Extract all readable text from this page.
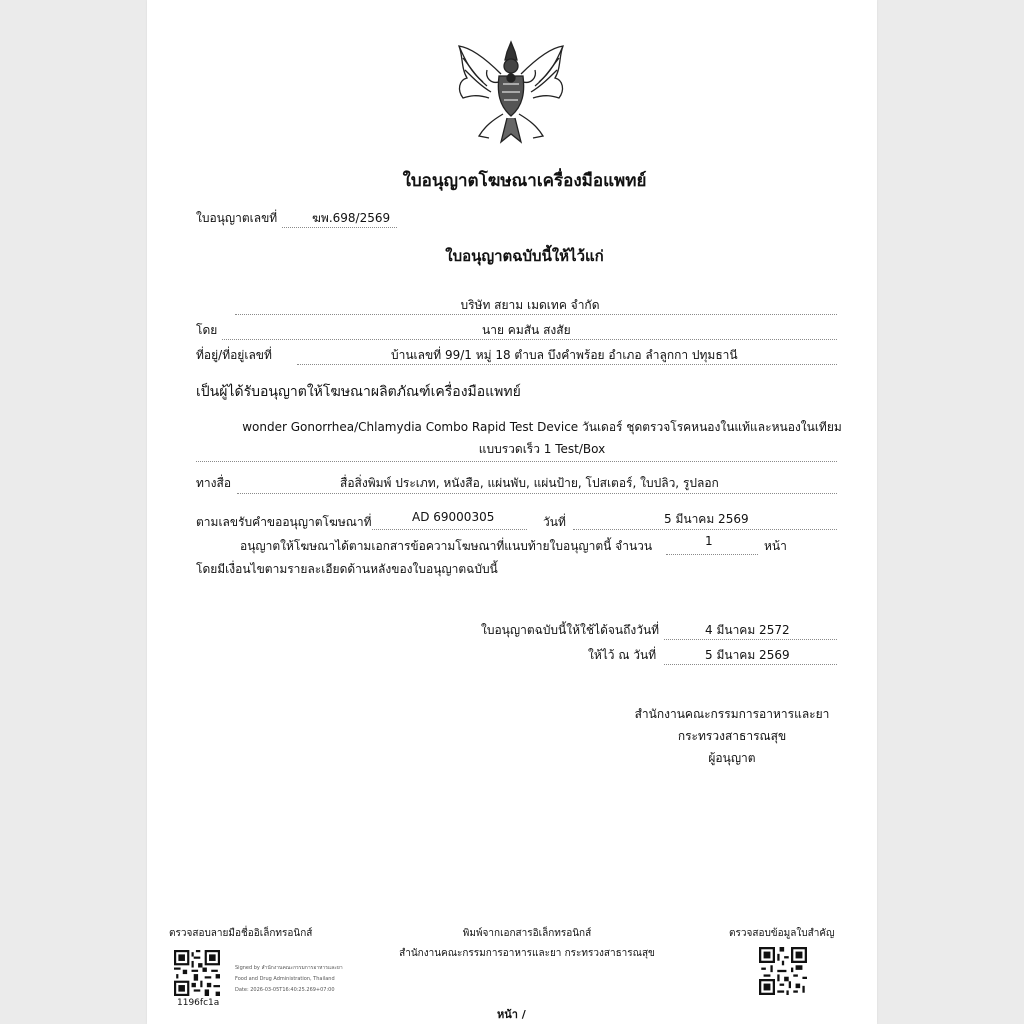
ใบอนุญาตโฆษณาเครื่องมือแพทย์
ใบอนุญาตเลขที่	ฆพ.698/2569
ใบอนุญาตฉบับนี้ให้ไว้แก่
บริษัท สยาม เมดเทค จำกัด
โดย	นาย คมสัน สงสัย
ที่อยู่/ที่อยู่เลขที่	บ้านเลขที่ 99/1 หมู่ 18 ตำบล บึงคำพร้อย อำเภอ ลำลูกกา ปทุมธานี
เป็นผู้ได้รับอนุญาตให้โฆษณาผลิตภัณฑ์เครื่องมือแพทย์
wonder Gonorrhea/Chlamydia Combo Rapid Test Device วันเดอร์ ชุดตรวจโรคหนองในแท้และหนองในเทียม
แบบรวดเร็ว 1 Test/Box
ทางสื่อ	สื่อสิ่งพิมพ์ ประเภท, หนังสือ, แผ่นพับ, แผ่นป้าย, โปสเตอร์, ใบปลิว, รูปลอก
ตามเลขรับคำขออนุญาตโฆษณาที่	AD 69000305	วันที่	5 มีนาคม 2569
อนุญาตให้โฆษณาได้ตามเอกสารข้อความโฆษณาที่แนบท้ายใบอนุญาตนี้ จำนวน	1	หน้า
โดยมีเงื่อนไขตามรายละเอียดด้านหลังของใบอนุญาตฉบับนี้
ใบอนุญาตฉบับนี้ให้ใช้ได้จนถึงวันที่	4 มีนาคม 2572
ให้ไว้ ณ วันที่	5 มีนาคม 2569
สำนักงานคณะกรรมการอาหารและยา
กระทรวงสาธารณสุข
ผู้อนุญาต
ตรวจสอบลายมือชื่ออิเล็กทรอนิกส์	พิมพ์จากเอกสารอิเล็กทรอนิกส์
สำนักงานคณะกรรมการอาหารและยา กระทรวงสาธารณสุข
ตรวจสอบข้อมูลใบสำคัญ
1196fc1a
Signed by สำนักงานคณะกรรมการอาหารและยา
Food and Drug Administration, Thailand
Date: 2026-03-05T16:40:25.269+07:00
หน้า /
